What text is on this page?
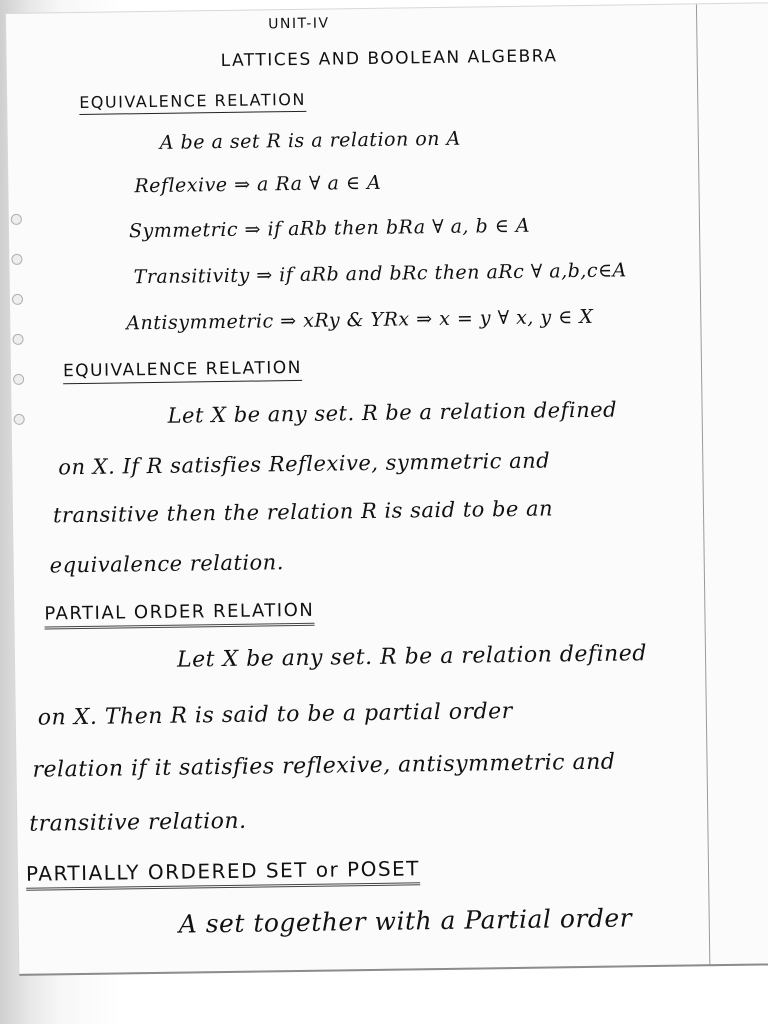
UNIT-IV
LATTICES AND BOOLEAN ALGEBRA
EQUIVALENCE RELATION
A be a set R is a relation on A
Reflexive ⇒ a Ra ∀ a ∈ A
Symmetric ⇒ if aRb then bRa ∀ a, b ∈ A
Transitivity ⇒ if aRb and bRc then aRc ∀ a,b,c∈A
Antisymmetric ⇒ xRy & YRx ⇒ x = y ∀ x, y ∈ X
EQUIVALENCE RELATION
Let X be any set. R be a relation defined
on X. If R satisfies Reflexive, symmetric and
transitive then the relation R is said to be an
equivalence relation.
PARTIAL ORDER RELATION
Let X be any set. R be a relation defined
on X. Then R is said to be a partial order
relation if it satisfies reflexive, antisymmetric and
transitive relation.
PARTIALLY ORDERED SET or POSET
A set together with a Partial order
